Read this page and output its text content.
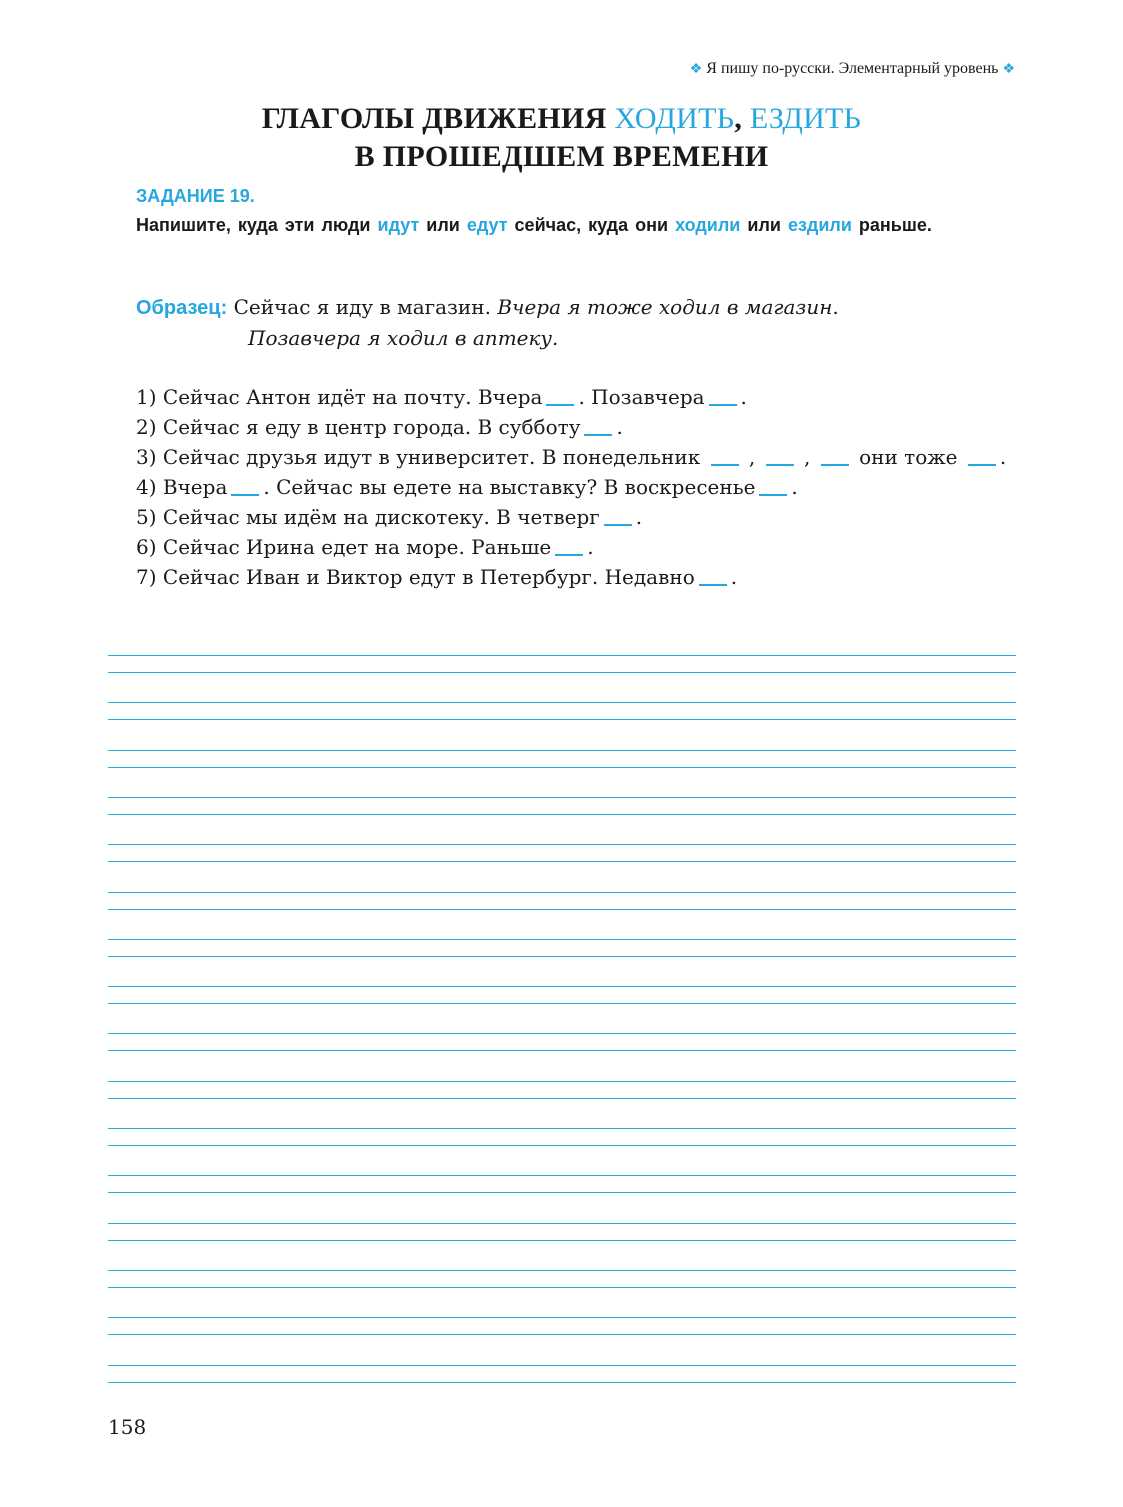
❖ Я пишу по-русски. Элементарный уровень ❖
ГЛАГОЛЫ ДВИЖЕНИЯ ХОДИТЬ, ЕЗДИТЬ
В ПРОШЕДШЕМ ВРЕМЕНИ
ЗАДАНИЕ 19.
Напишите, куда эти люди идут или едут сейчас, куда они ходили или ездили раньше.
Образец: Сейчас я иду в магазин. Вчера я тоже ходил в магазин.
Позавчера я ходил в аптеку.
1) Сейчас Антон идёт на почту. Вчера . Позавчера .
2) Сейчас я еду в центр города. В субботу .
3) Сейчас друзья идут в университет. В понедельник , , они тоже .
4) Вчера . Сейчас вы едете на выставку? В воскресенье .
5) Сейчас мы идём на дискотеку. В четверг .
6) Сейчас Ирина едет на море. Раньше .
7) Сейчас Иван и Виктор едут в Петербург. Недавно .
158
